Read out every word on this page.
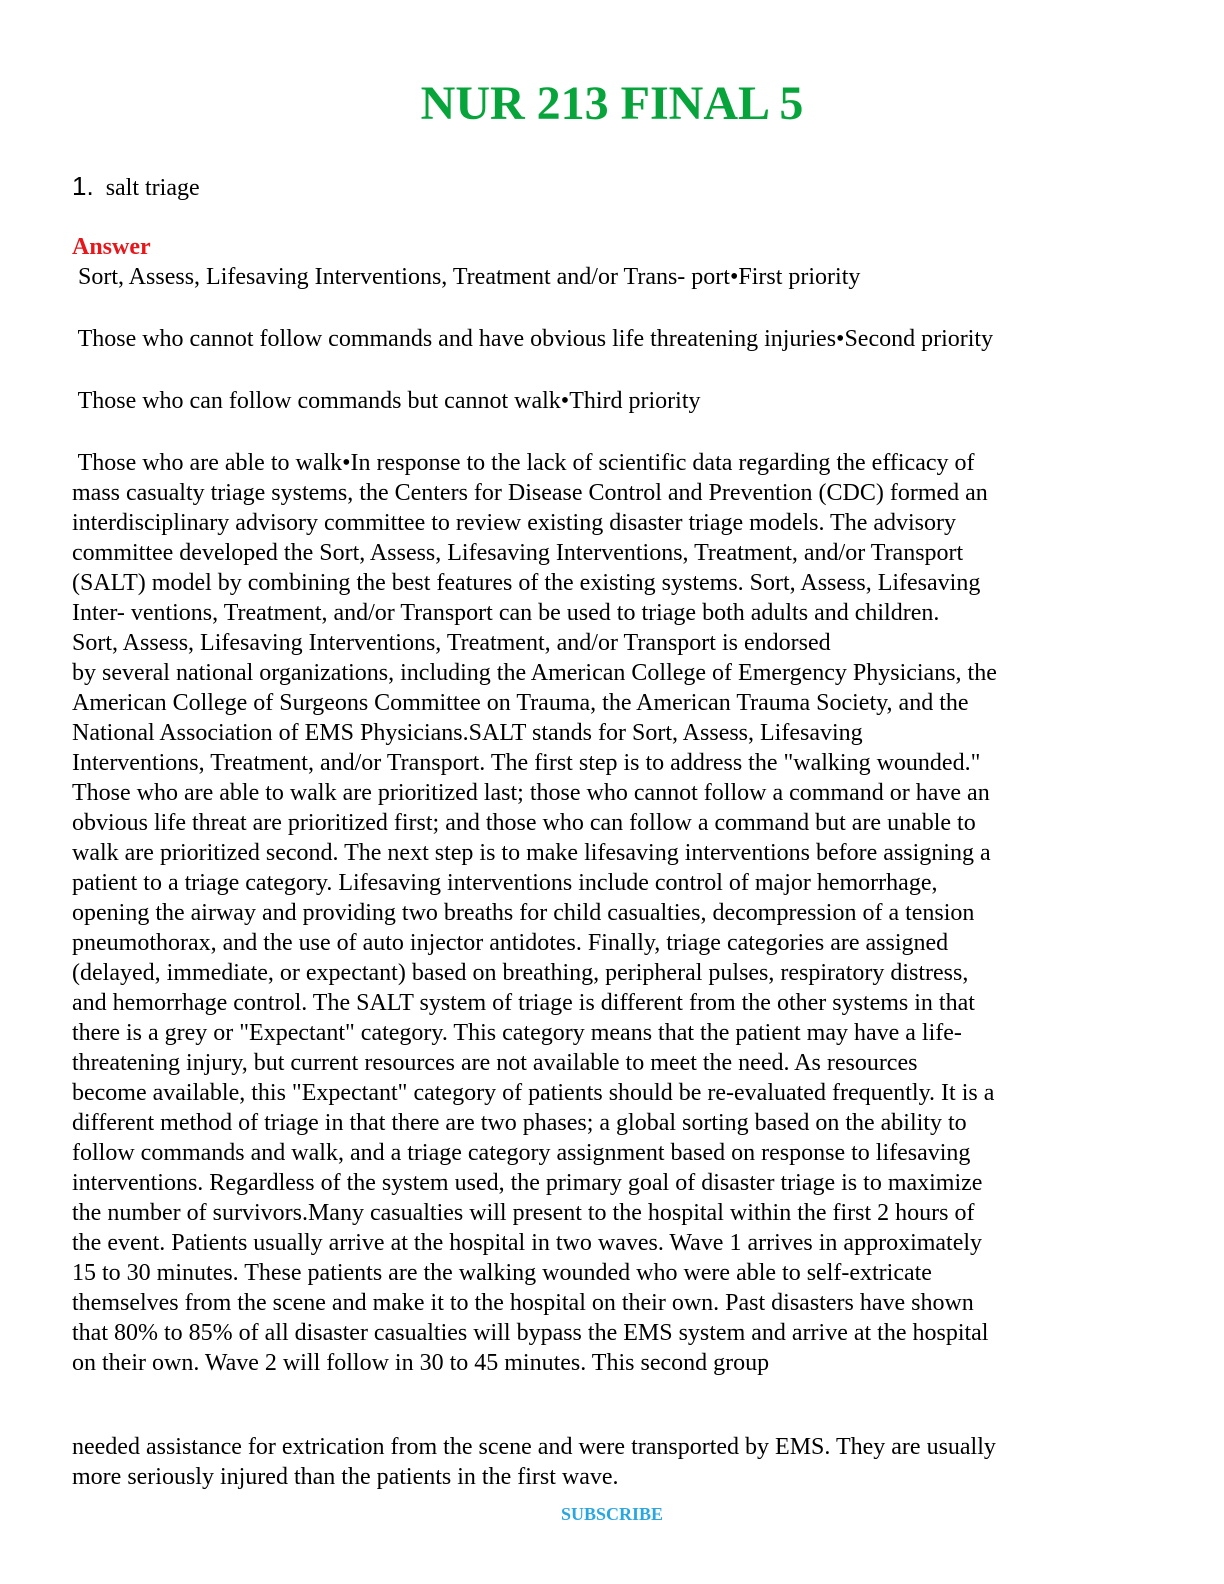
NUR 213 FINAL 5

1. salt triage

Answer

Sort, Assess, Lifesaving Interventions, Treatment and/or Trans- port•First priority
Those who cannot follow commands and have obvious life threatening injuries•Second priority
Those who can follow commands but cannot walk•Third priority
Those who are able to walk•In response to the lack of scientific data regarding the efficacy of
mass casualty triage systems, the Centers for Disease Control and Prevention (CDC) formed an
interdisciplinary advisory committee to review existing disaster triage models. The advisory
committee developed the Sort, Assess, Lifesaving Interventions, Treatment, and/or Transport
(SALT) model by combining the best features of the existing systems. Sort, Assess, Lifesaving
Inter- ventions, Treatment, and/or Transport can be used to triage both adults and children.
Sort, Assess, Lifesaving Interventions, Treatment, and/or Transport is endorsed
by several national organizations, including the American College of Emergency Physicians, the
American College of Surgeons Committee on Trauma, the American Trauma Society, and the
National Association of EMS Physicians.SALT stands for Sort, Assess, Lifesaving
Interventions, Treatment, and/or Transport. The first step is to address the "walking wounded."
Those who are able to walk are prioritized last; those who cannot follow a command or have an
obvious life threat are prioritized first; and those who can follow a command but are unable to
walk are prioritized second. The next step is to make lifesaving interventions before assigning a
patient to a triage category. Lifesaving interventions include control of major hemorrhage,
opening the airway and providing two breaths for child casualties, decompression of a tension
pneumothorax, and the use of auto injector antidotes. Finally, triage categories are assigned
(delayed, immediate, or expectant) based on breathing, peripheral pulses, respiratory distress,
and hemorrhage control. The SALT system of triage is different from the other systems in that
there is a grey or "Expectant" category. This category means that the patient may have a life-
threatening injury, but current resources are not available to meet the need. As resources
become available, this "Expectant" category of patients should be re-evaluated frequently. It is a
different method of triage in that there are two phases; a global sorting based on the ability to
follow commands and walk, and a triage category assignment based on response to lifesaving
interventions. Regardless of the system used, the primary goal of disaster triage is to maximize
the number of survivors.Many casualties will present to the hospital within the first 2 hours of
the event. Patients usually arrive at the hospital in two waves. Wave 1 arrives in approximately
15 to 30 minutes. These patients are the walking wounded who were able to self-extricate
themselves from the scene and make it to the hospital on their own. Past disasters have shown
that 80% to 85% of all disaster casualties will bypass the EMS system and arrive at the hospital
on their own. Wave 2 will follow in 30 to 45 minutes. This second group
needed assistance for extrication from the scene and were transported by EMS. They are usually
more seriously injured than the patients in the first wave.
SUBSCRIBE
